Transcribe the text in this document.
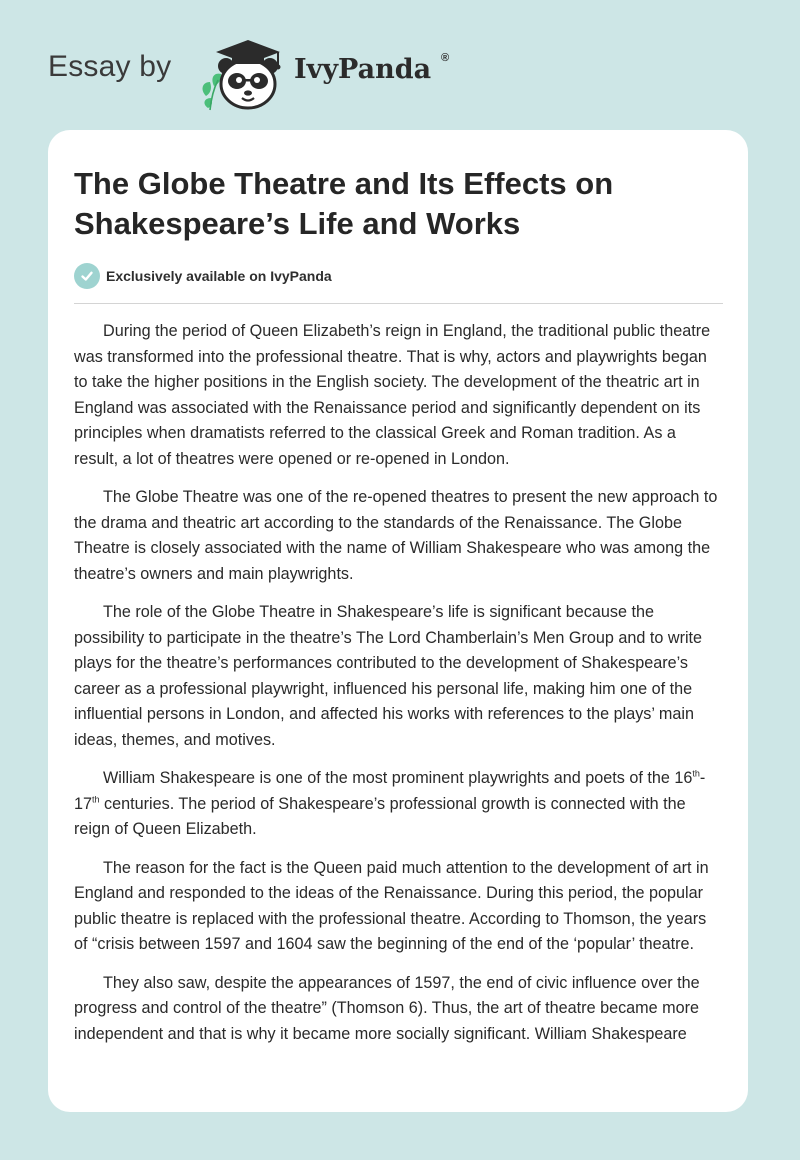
Essay by	IvyPanda ®
The Globe Theatre and Its Effects on Shakespeare’s Life and Works
Exclusively available on IvyPanda

During the period of Queen Elizabeth’s reign in England, the traditional public theatre was transformed into the professional theatre. That is why, actors and playwrights began to take the higher positions in the English society. The development of the theatric art in England was associated with the Renaissance period and significantly dependent on its principles when dramatists referred to the classical Greek and Roman tradition. As a result, a lot of theatres were opened or re-opened in London.

The Globe Theatre was one of the re-opened theatres to present the new approach to the drama and theatric art according to the standards of the Renaissance. The Globe Theatre is closely associated with the name of William Shakespeare who was among the theatre’s owners and main playwrights.

The role of the Globe Theatre in Shakespeare’s life is significant because the possibility to participate in the theatre’s The Lord Chamberlain’s Men Group and to write plays for the theatre’s performances contributed to the development of Shakespeare’s career as a professional playwright, influenced his personal life, making him one of the influential persons in London, and affected his works with references to the plays’ main ideas, themes, and motives.

William Shakespeare is one of the most prominent playwrights and poets of the 16th-17th centuries. The period of Shakespeare’s professional growth is connected with the reign of Queen Elizabeth.

The reason for the fact is the Queen paid much attention to the development of art in England and responded to the ideas of the Renaissance. During this period, the popular public theatre is replaced with the professional theatre. According to Thomson, the years of “crisis between 1597 and 1604 saw the beginning of the end of the ‘popular’ theatre.

They also saw, despite the appearances of 1597, the end of civic influence over the progress and control of the theatre” (Thomson 6). Thus, the art of theatre became more independent and that is why it became more socially significant. William Shakespeare
